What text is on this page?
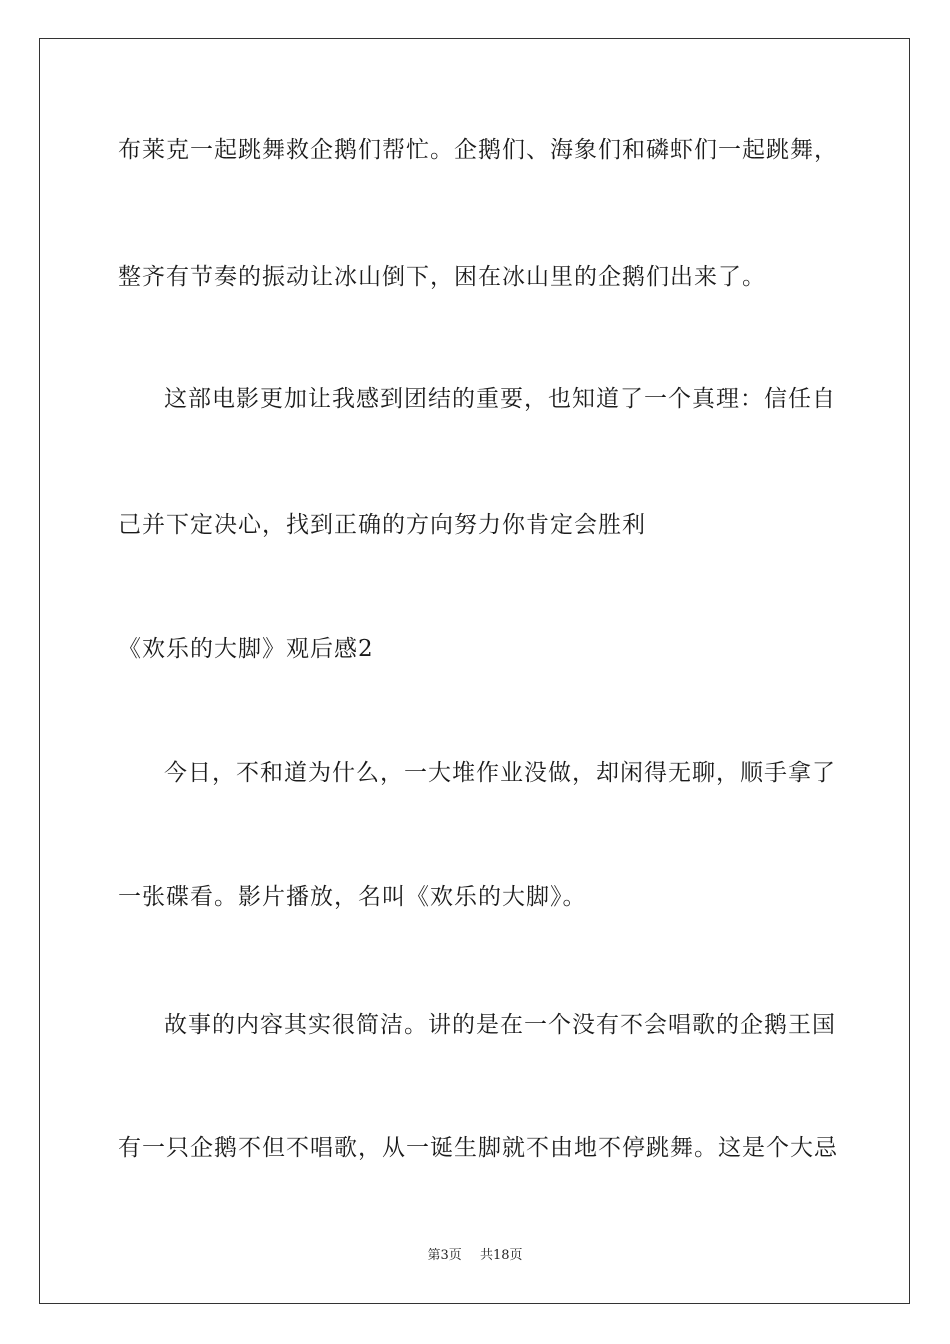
布莱克一起跳舞救企鹅们帮忙。企鹅们、海象们和磷虾们一起跳舞，
整齐有节奏的振动让冰山倒下，困在冰山里的企鹅们出来了。
这部电影更加让我感到团结的重要，也知道了一个真理：信任自
己并下定决心，找到正确的方向努力你肯定会胜利
《欢乐的大脚》观后感2
今日，不和道为什么，一大堆作业没做，却闲得无聊，顺手拿了
一张碟看。影片播放，名叫《欢乐的大脚》。
故事的内容其实很简洁。讲的是在一个没有不会唱歌的企鹅王国
有一只企鹅不但不唱歌，从一诞生脚就不由地不停跳舞。这是个大忌
第3页 共18页
